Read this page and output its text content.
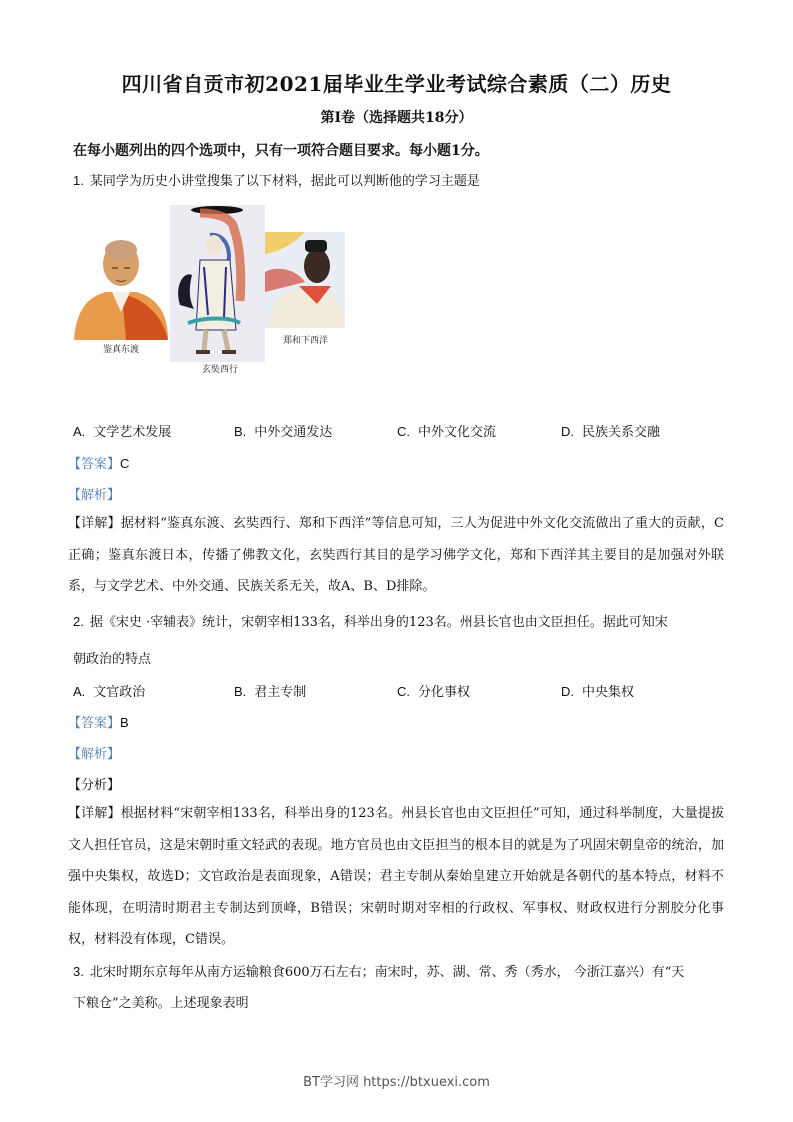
四川省自贡市初2021届毕业生学业考试综合素质（二）历史
第Ⅰ卷（选择题共18分）
在每小题列出的四个选项中，只有一项符合题目要求。每小题1分。
1. 某同学为历史小讲堂搜集了以下材料，据此可以判断他的学习主题是
鉴真东渡
玄奘西行
郑和下西洋
A. 文学艺术发展	B. 中外交通发达	C. 中外文化交流	D. 民族关系交融
【答案】C
【解析】
【详解】据材料“鉴真东渡、玄奘西行、郑和下西洋”等信息可知，三人为促进中外文化交流做出了重大的贡献，C正确；鉴真东渡日本，传播了佛教文化，玄奘西行其目的是学习佛学文化，郑和下西洋其主要目的是加强对外联系，与文学艺术、中外交通、民族关系无关，故A、B、D排除。
2. 据《宋史 ·宰辅表》统计，宋朝宰相133名，科举出身的123名。州县长官也由文臣担任。据此可知宋
朝政治的特点
A. 文官政治	B. 君主专制	C. 分化事权	D. 中央集权
【答案】B
【解析】
【分析】
【详解】根据材料“宋朝宰相133名，科举出身的123名。州县长官也由文臣担任”可知，通过科举制度，大量提拔文人担任官员，这是宋朝时重文轻武的表现。地方官员也由文臣担当的根本目的就是为了巩固宋朝皇帝的统治，加强中央集权，故选D；文官政治是表面现象，A错误；君主专制从秦始皇建立开始就是各朝代的基本特点，材料不能体现，在明清时期君主专制达到顶峰，B错误；宋朝时期对宰相的行政权、军事权、财政权进行分割胶分化事权，材料没有体现，C错误。
3. 北宋时期东京每年从南方运输粮食600万石左右；南宋时，苏、湖、常、秀（秀水， 今浙江嘉兴）有“天
下粮仓”之美称。上述现象表明
BT学习网 https://btxuexi.com
